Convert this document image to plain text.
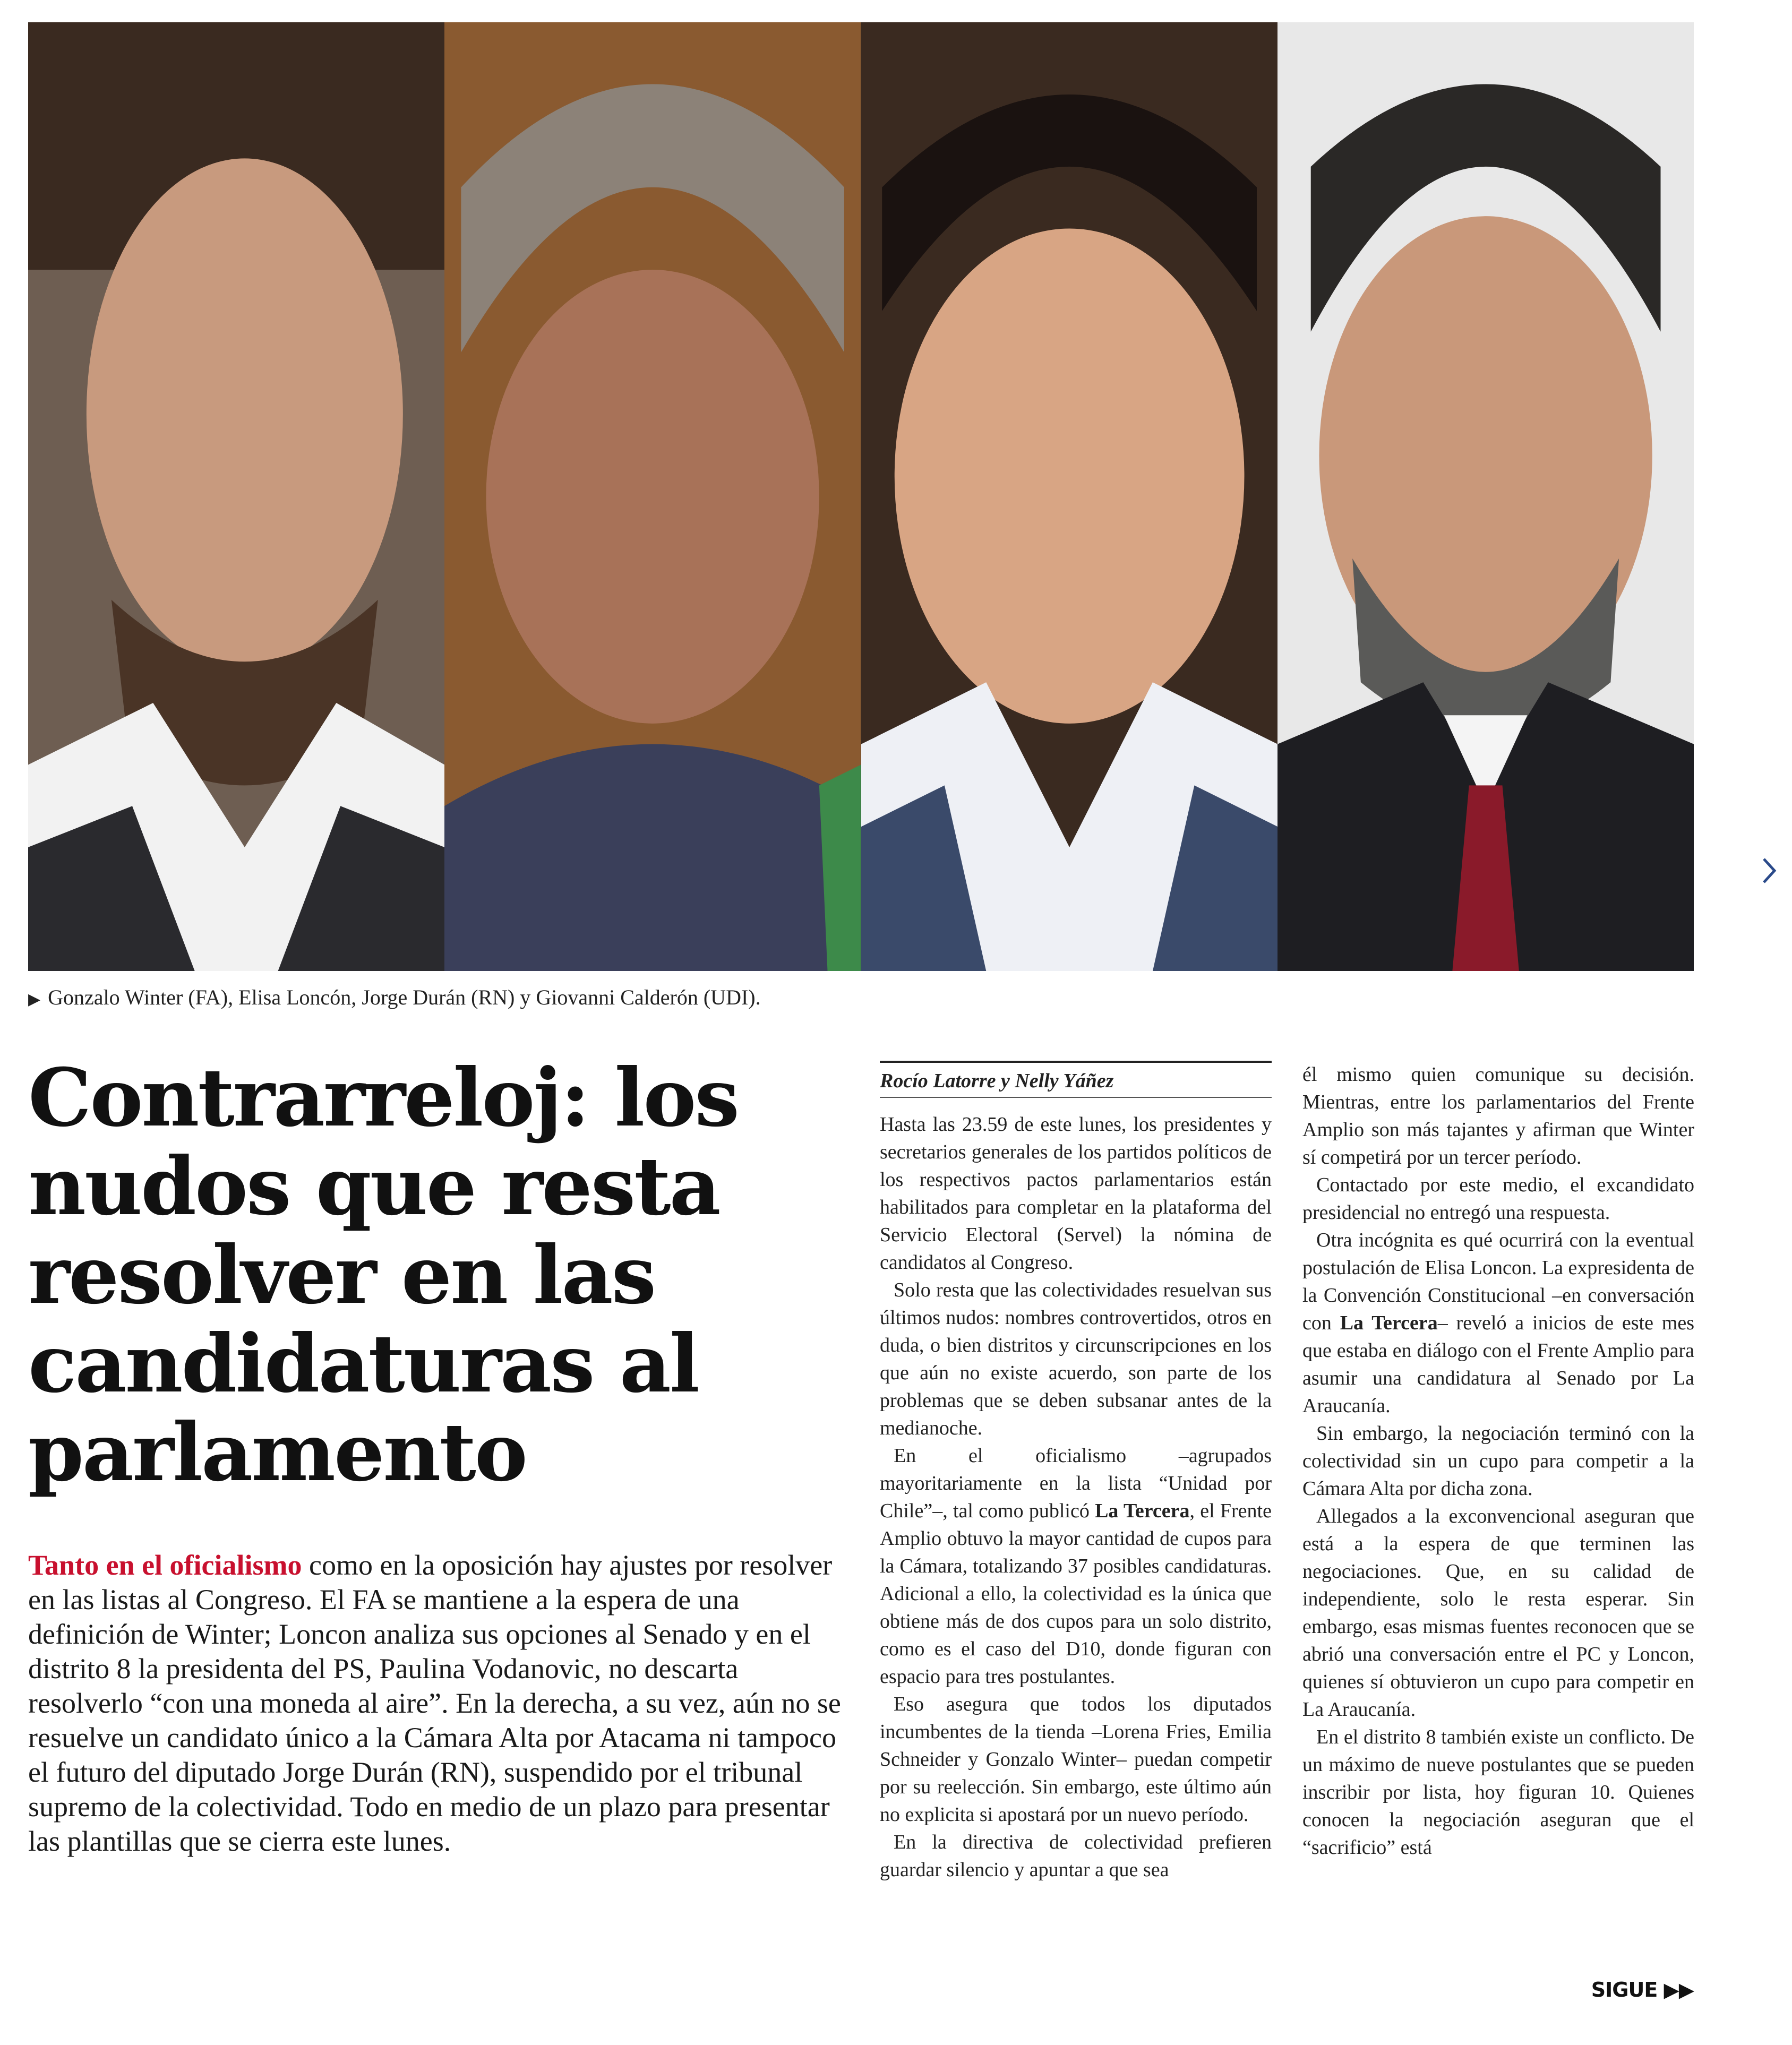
▶ Gonzalo Winter (FA), Elisa Loncón, Jorge Durán (RN) y Giovanni Calderón (UDI).
Contrarreloj: los nudos que resta resolver en las candidaturas al parlamento

Tanto en el oficialismo como en la oposición hay ajustes por resolver en las listas al Congreso. El FA se mantiene a la espera de una definición de Winter; Loncon analiza sus opciones al Senado y en el distrito 8 la presidenta del PS, Paulina Vodanovic, no descarta resolverlo “con una moneda al aire”. En la derecha, a su vez, aún no se resuelve un candidato único a la Cámara Alta por Atacama ni tampoco el futuro del diputado Jorge Durán (RN), suspendido por el tribunal supremo de la colectividad. Todo en medio de un plazo para presentar las plantillas que se cierra este lunes.

Rocío Latorre y Nelly Yáñez

Hasta las 23.59 de este lunes, los presidentes y secretarios generales de los partidos políticos de los respectivos pactos parlamentarios están habilitados para completar en la plataforma del Servicio Electoral (Servel) la nómina de candidatos al Congreso.

Solo resta que las colectividades resuelvan sus últimos nudos: nombres controvertidos, otros en duda, o bien distritos y circunscripciones en los que aún no existe acuerdo, son parte de los problemas que se deben subsanar antes de la medianoche.

En el oficialismo –agrupados mayoritariamente en la lista “Unidad por Chile”–, tal como publicó La Tercera, el Frente Amplio obtuvo la mayor cantidad de cupos para la Cámara, totalizando 37 posibles candidaturas. Adicional a ello, la colectividad es la única que obtiene más de dos cupos para un solo distrito, como es el caso del D10, donde figuran con espacio para tres postulantes.

Eso asegura que todos los diputados incumbentes de la tienda –Lorena Fries, Emilia Schneider y Gonzalo Winter– puedan competir por su reelección. Sin embargo, este último aún no explicita si apostará por un nuevo período.

En la directiva de colectividad prefieren guardar silencio y apuntar a que sea

él mismo quien comunique su decisión. Mientras, entre los parlamentarios del Frente Amplio son más tajantes y afirman que Winter sí competirá por un tercer período.

Contactado por este medio, el excandidato presidencial no entregó una respuesta.

Otra incógnita es qué ocurrirá con la eventual postulación de Elisa Loncon. La expresidenta de la Convención Constitucional –en conversación con La Tercera– reveló a inicios de este mes que estaba en diálogo con el Frente Amplio para asumir una candidatura al Senado por La Araucanía.

Sin embargo, la negociación terminó con la colectividad sin un cupo para competir a la Cámara Alta por dicha zona.

Allegados a la exconvencional aseguran que está a la espera de que terminen las negociaciones. Que, en su calidad de independiente, solo le resta esperar. Sin embargo, esas mismas fuentes reconocen que se abrió una conversación entre el PC y Loncon, quienes sí obtuvieron un cupo para competir en La Araucanía.

En el distrito 8 también existe un conflicto. De un máximo de nueve postulantes que se pueden inscribir por lista, hoy figuran 10. Quienes conocen la negociación aseguran que el “sacrificio” está

SIGUE ▶▶
